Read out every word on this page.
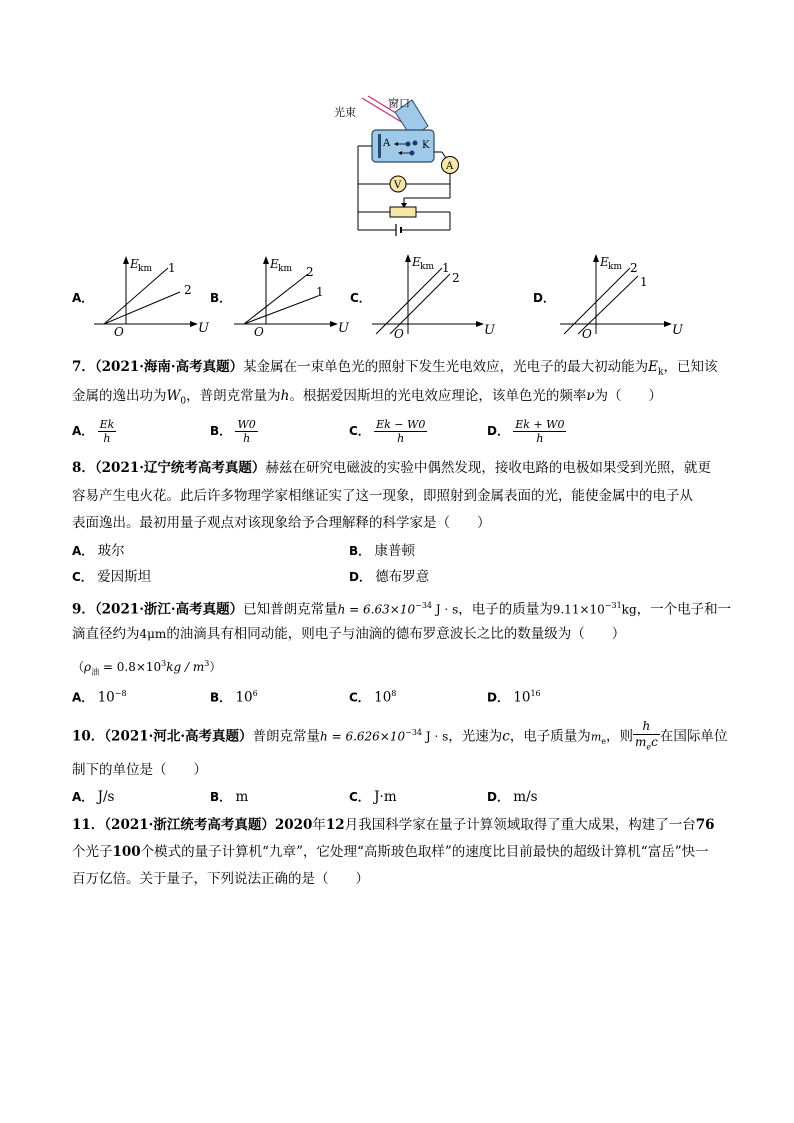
A	K
A
V
光束
窗口
A．
E km
U
O
1
2
B．
E km
U
O
2
1 C．
E km
U
O
1
2
D．
E km
U
O
2
1
7．（2021·海南·高考真题）某金属在一束单色光的照射下发生光电效应，光电子的最大初动能为$E_k$，已知该
金属的逸出功为$W_0$，普朗克常量为h。根据爱因斯坦的光电效应理论，该单色光的频率ν为（　　）
A． $\frac{Ek}{h}$	B． $\frac{W0}{h}$	C． $\frac{Ek - W0}{h}$	D． $\frac{Ek + W0}{h}$
8．（2021·辽宁统考高考真题）赫兹在研究电磁波的实验中偶然发现，接收电路的电极如果受到光照，就更
容易产生电火花。此后许多物理学家相继证实了这一现象，即照射到金属表面的光，能使金属中的电子从
表面逸出。最初用量子观点对该现象给予合理解释的科学家是（　　）
A． 玻尔	B． 康普顿
C． 爱因斯坦	D． 德布罗意
9．（2021·浙江·高考真题）已知普朗克常量$h = 6.63\times 10^{-34}$ J · s，电子的质量为$9.11\times 10^{-31}kg$，一个电子和一
滴直径约为4μm的油滴具有相同动能，则电子与油滴的德布罗意波长之比的数量级为（　　）
$(\rho_油 = 0.8\times 10^3kg / m^3)$
A． $10^{-8}$	B． $10^6$	C． $10^8$	D． $10^{16}$
10．（2021·河北·高考真题）普朗克常量$h = 6.626\times 10^{-34}$ J · s，光速为c，电子质量为$m_e$，则 $\frac{h}{m_ec}$ 在国际单位
制下的单位是（　　）
A． J/s	B． m	C． J·m	D． m/s
11．（2021·浙江统考高考真题）2020年12月我国科学家在量子计算领域取得了重大成果，构建了一台76
个光子100个模式的量子计算机“九章”，它处理“高斯玻色取样”的速度比目前最快的超级计算机“富岳”快一
百万亿倍。关于量子，下列说法正确的是（　　）
